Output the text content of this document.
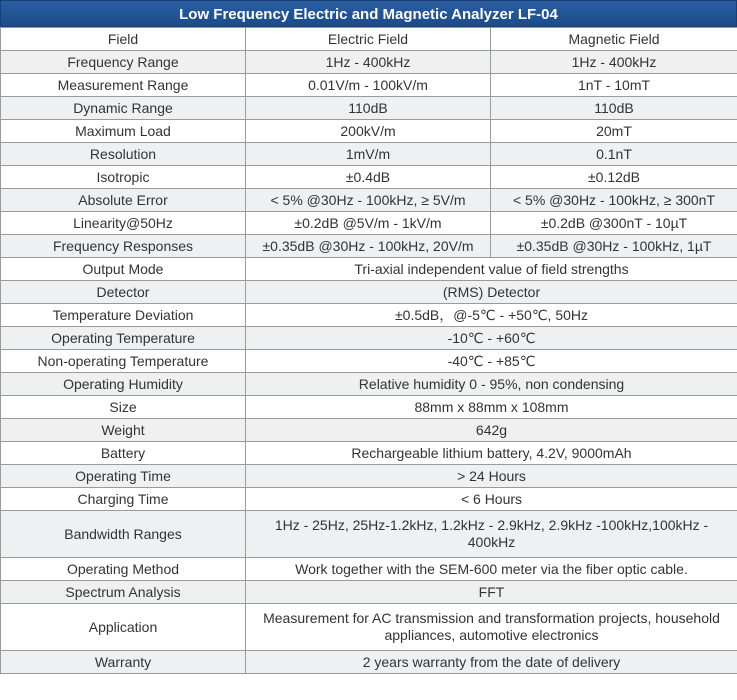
Low Frequency Electric and Magnetic Analyzer LF-04
Field	Electric Field	Magnetic Field
Frequency Range	1Hz - 400kHz	1Hz - 400kHz
Measurement Range	0.01V/m - 100kV/m	1nT - 10mT
Dynamic Range	110dB	110dB
Maximum Load	200kV/m	20mT
Resolution	1mV/m	0.1nT
Isotropic	±0.4dB	±0.12dB
Absolute Error	< 5% @30Hz - 100kHz, ≥ 5V/m	< 5% @30Hz - 100kHz, ≥ 300nT
Linearity@50Hz	±0.2dB @5V/m - 1kV/m	±0.2dB @300nT - 10µT
Frequency Responses	±0.35dB @30Hz - 100kHz, 20V/m	±0.35dB @30Hz - 100kHz, 1µT
Output Mode	Tri-axial independent value of field strengths	
Detector	(RMS) Detector	
Temperature Deviation	±0.5dB，@-5℃ - +50℃, 50Hz	
Operating Temperature	-10℃ - +60℃	
Non-operating Temperature	-40℃ - +85℃	
Operating Humidity	Relative humidity 0 - 95%, non condensing	
Size	88mm x 88mm x 108mm	
Weight	642g	
Battery	Rechargeable lithium battery, 4.2V, 9000mAh	
Operating Time	> 24 Hours	
Charging Time	< 6 Hours	
Bandwidth Ranges	1Hz - 25Hz, 25Hz-1.2kHz, 1.2kHz - 2.9kHz, 2.9kHz -100kHz,100kHz - 400kHz	
Operating Method	Work together with the SEM-600 meter via the fiber optic cable.	
Spectrum Analysis	FFT	
Application	Measurement for AC transmission and transformation projects, household appliances, automotive electronics	
Warranty	2 years warranty from the date of delivery	
